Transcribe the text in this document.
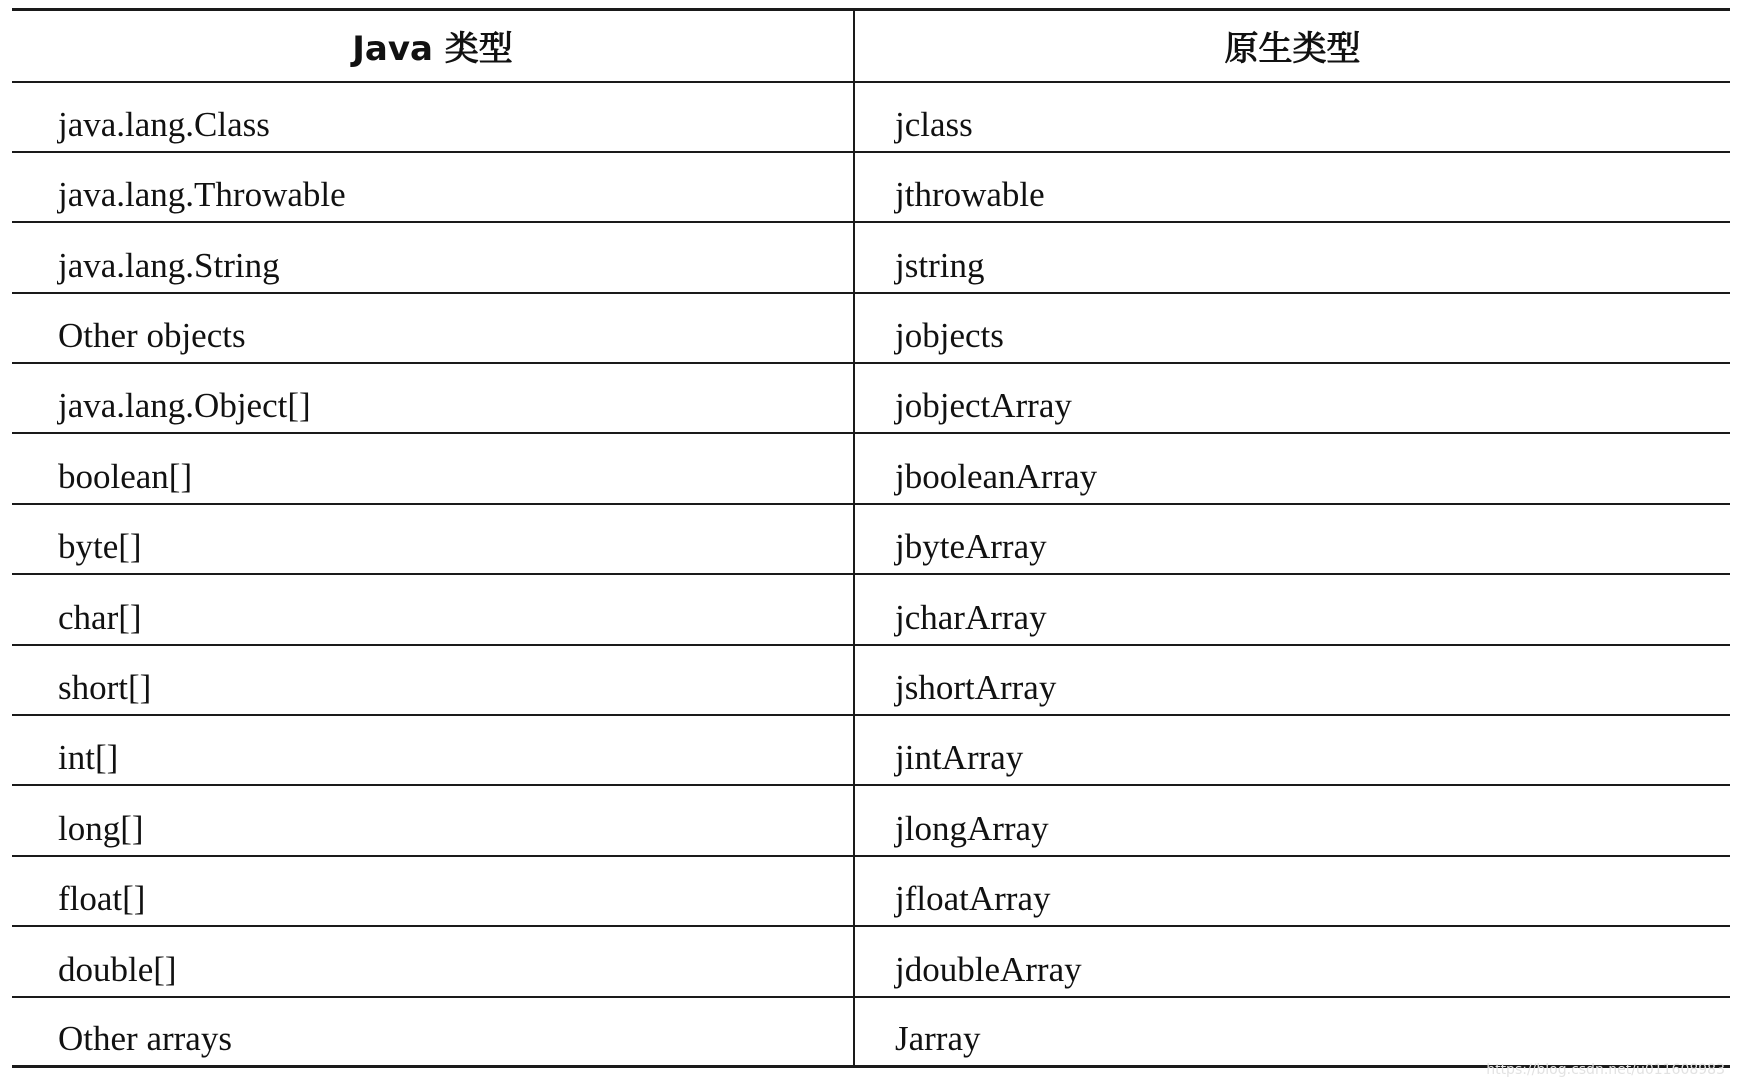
Java 类型	原生类型
java.lang.Class	jclass
java.lang.Throwable	jthrowable
java.lang.String	jstring
Other objects	jobjects
java.lang.Object[]	jobjectArray
boolean[]	jbooleanArray
byte[]	jbyteArray
char[]	jcharArray
short[]	jshortArray
int[]	jintArray
long[]	jlongArray
float[]	jfloatArray
double[]	jdoubleArray
Other arrays	Jarray
https://blog.csdn.net/u011608983
